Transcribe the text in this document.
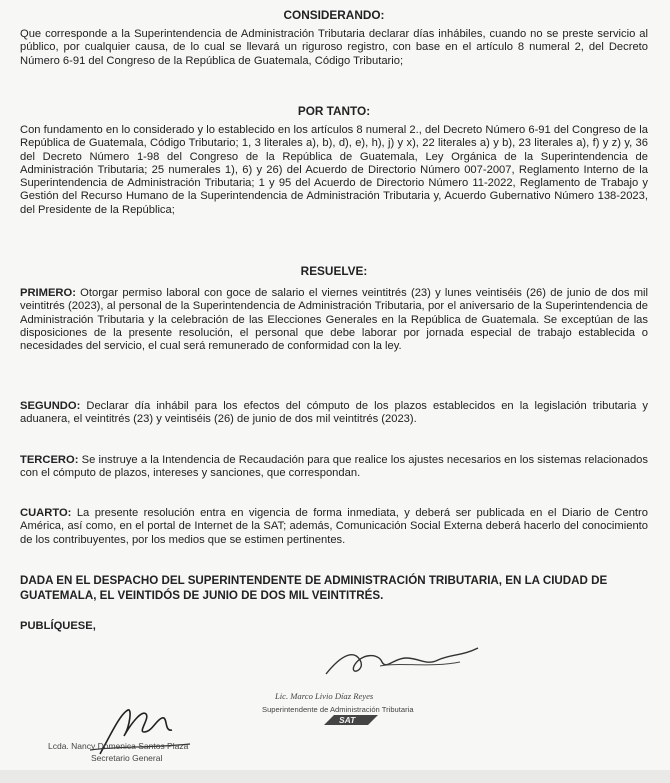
CONSIDERANDO:

Que corresponde a la Superintendencia de Administración Tributaria declarar días inhábiles, cuando no se preste servicio al público, por cualquier causa, de lo cual se llevará un riguroso registro, con base en el artículo 8 numeral 2, del Decreto Número 6-91 del Congreso de la República de Guatemala, Código Tributario;

POR TANTO:

Con fundamento en lo considerado y lo establecido en los artículos 8 numeral 2., del Decreto Número 6-91 del Congreso de la República de Guatemala, Código Tributario; 1, 3 literales a), b), d), e), h), j) y x), 22 literales a) y b), 23 literales a), f) y z) y, 36 del Decreto Número 1-98 del Congreso de la República de Guatemala, Ley Orgánica de la Superintendencia de Administración Tributaria; 25 numerales 1), 6) y 26) del Acuerdo de Directorio Número 007-2007, Reglamento Interno de la Superintendencia de Administración Tributaria; 1 y 95 del Acuerdo de Directorio Número 11-2022, Reglamento de Trabajo y Gestión del Recurso Humano de la Superintendencia de Administración Tributaria y, Acuerdo Gubernativo Número 138-2023, del Presidente de la República;

RESUELVE:

PRIMERO: Otorgar permiso laboral con goce de salario el viernes veintitrés (23) y lunes veintiséis (26) de junio de dos mil veintitrés (2023), al personal de la Superintendencia de Administración Tributaria, por el aniversario de la Superintendencia de Administración Tributaria y la celebración de las Elecciones Generales en la República de Guatemala. Se exceptúan de las disposiciones de la presente resolución, el personal que debe laborar por jornada especial de trabajo establecida o necesidades del servicio, el cual será remunerado de conformidad con la ley.

SEGUNDO: Declarar día inhábil para los efectos del cómputo de los plazos establecidos en la legislación tributaria y aduanera, el veintitrés (23) y veintiséis (26) de junio de dos mil veintitrés (2023).

TERCERO: Se instruye a la Intendencia de Recaudación para que realice los ajustes necesarios en los sistemas relacionados con el cómputo de plazos, intereses y sanciones, que correspondan.

CUARTO: La presente resolución entra en vigencia de forma inmediata, y deberá ser publicada en el Diario de Centro América, así como, en el portal de Internet de la SAT; además, Comunicación Social Externa deberá hacerlo del conocimiento de los contribuyentes, por los medios que se estimen pertinentes.

DADA EN EL DESPACHO DEL SUPERINTENDENTE DE ADMINISTRACIÓN TRIBUTARIA, EN LA CIUDAD DE GUATEMALA, EL VEINTIDÓS DE JUNIO DE DOS MIL VEINTITRÉS.

PUBLÍQUESE,

Lic. Marco Livio Díaz Reyes
Superintendente de Administración Tributaria
SAT
Lcda. Nancy Domenica Santos Plaza
Secretario General
